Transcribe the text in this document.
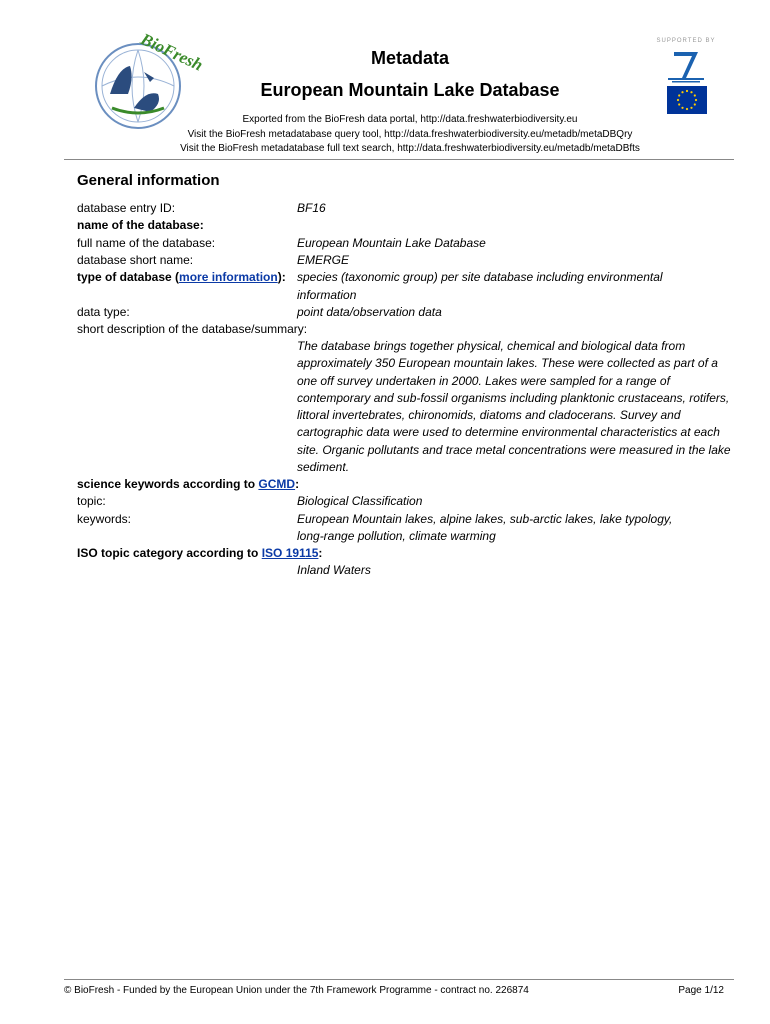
BioFresh	SUPPORTED BY
Metadata
European Mountain Lake Database
Exported from the BioFresh data portal, http://data.freshwaterbiodiversity.eu
Visit the BioFresh metadatabase query tool, http://data.freshwaterbiodiversity.eu/metadb/metaDBQry
Visit the BioFresh metadatabase full text search, http://data.freshwaterbiodiversity.eu/metadb/metaDBfts
General information
database entry ID:	BF16
name of the database:
full name of the database:	European Mountain Lake Database
database short name:	EMERGE
type of database (more information): species (taxonomic group) per site database including environmental
information
data type:	point data/observation data
short description of the database/summary:
The database brings together physical, chemical and biological data from approximately 350 European mountain lakes. These were collected as part of a one off survey undertaken in 2000. Lakes were sampled for a range of contemporary and sub-fossil organisms including planktonic crustaceans, rotifers, littoral invertebrates, chironomids, diatoms and cladocerans. Survey and cartographic data were used to determine environmental characteristics at each site. Organic pollutants and trace metal concentrations were measured in the lake sediment.
science keywords according to GCMD:
topic:	Biological Classification
keywords:	European Mountain lakes, alpine lakes, sub-arctic lakes, lake typology,
long-range pollution, climate warming
ISO topic category according to ISO 19115:
Inland Waters
© BioFresh - Funded by the European Union under the 7th Framework Programme - contract no. 226874	Page 1/12
